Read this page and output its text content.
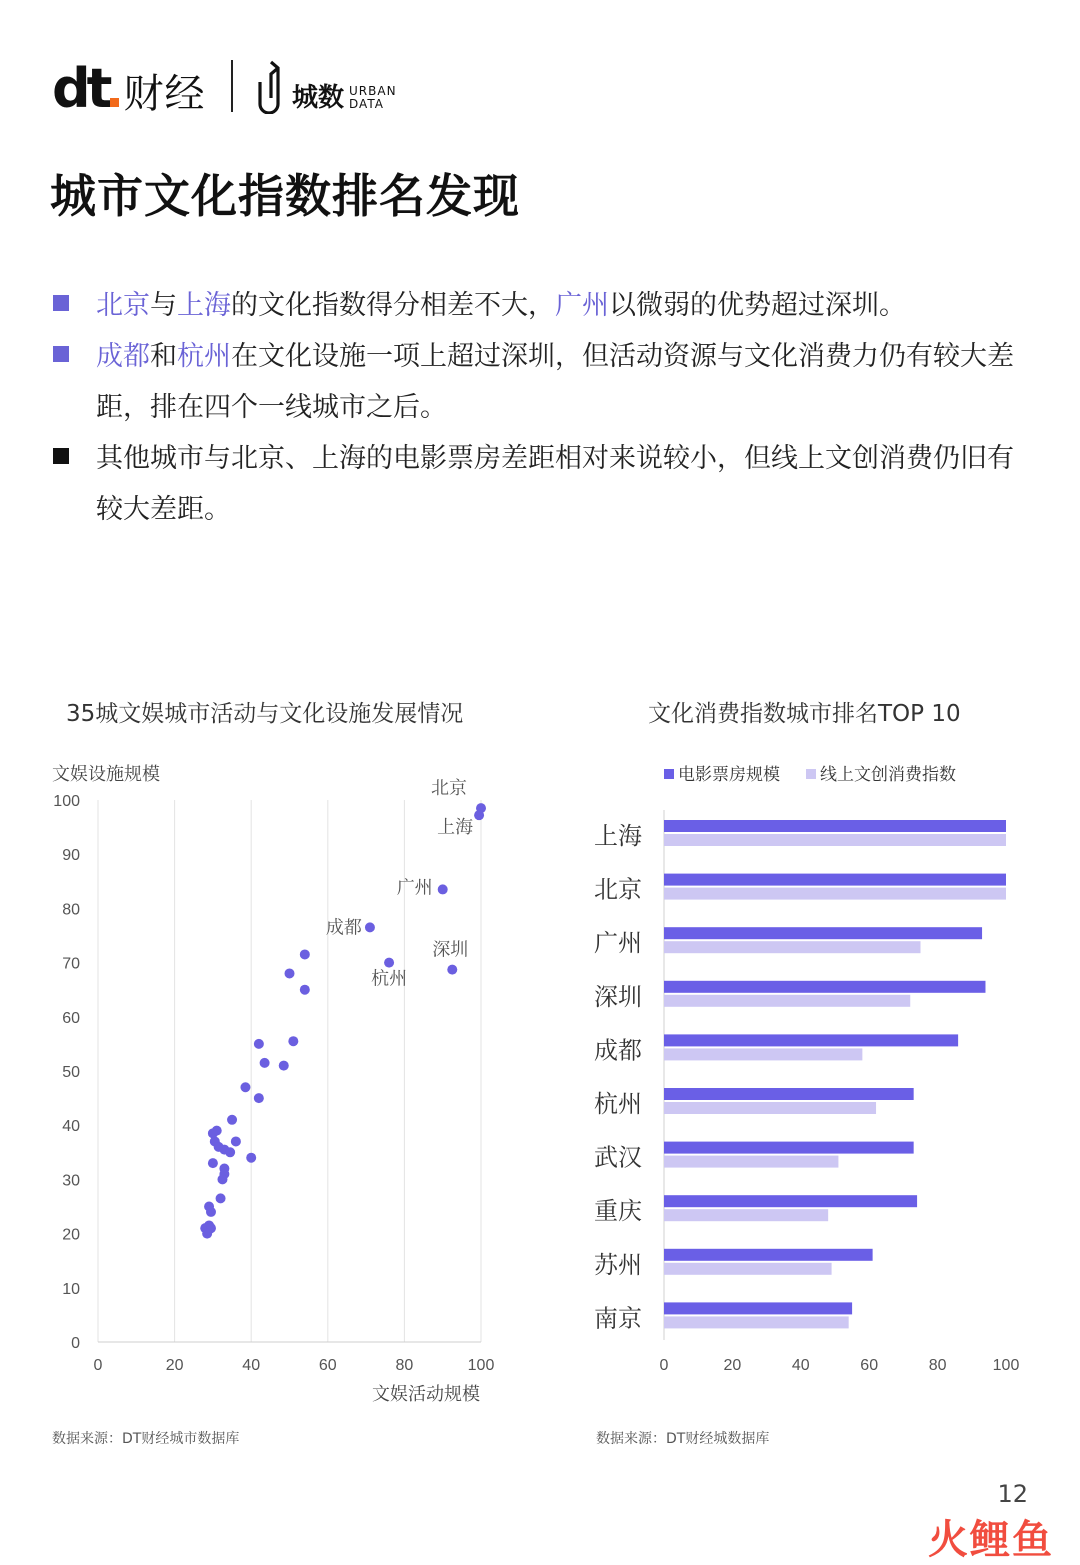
dt 财经	城数 URBAN
DATA
城市文化指数排名发现
北京与上海的文化指数得分相差不大，广州以微弱的优势超过深圳。
成都和杭州在文化设施一项上超过深圳，但活动资源与文化消费力仍有较大差距，排在四个一线城市之后。
其他城市与北京、上海的电影票房差距相对来说较小，但线上文创消费仍旧有较大差距。
35城文娱城市活动与文化设施发展情况
文娱设施规模
文娱活动规模
0	20	40	60	80	100
0
10
20
30
40
50
60
70
80
90
100
北京
上海
广州
成都
深圳
杭州
数据来源：DT财经城市数据库
文化消费指数城市排名TOP 10
电影票房规模	线上文创消费指数
0	20	40	60	80	100
上海
北京
广州
深圳
成都
杭州
武汉
重庆
苏州
南京
数据来源：DT财经城数据库
12
火鲤鱼
